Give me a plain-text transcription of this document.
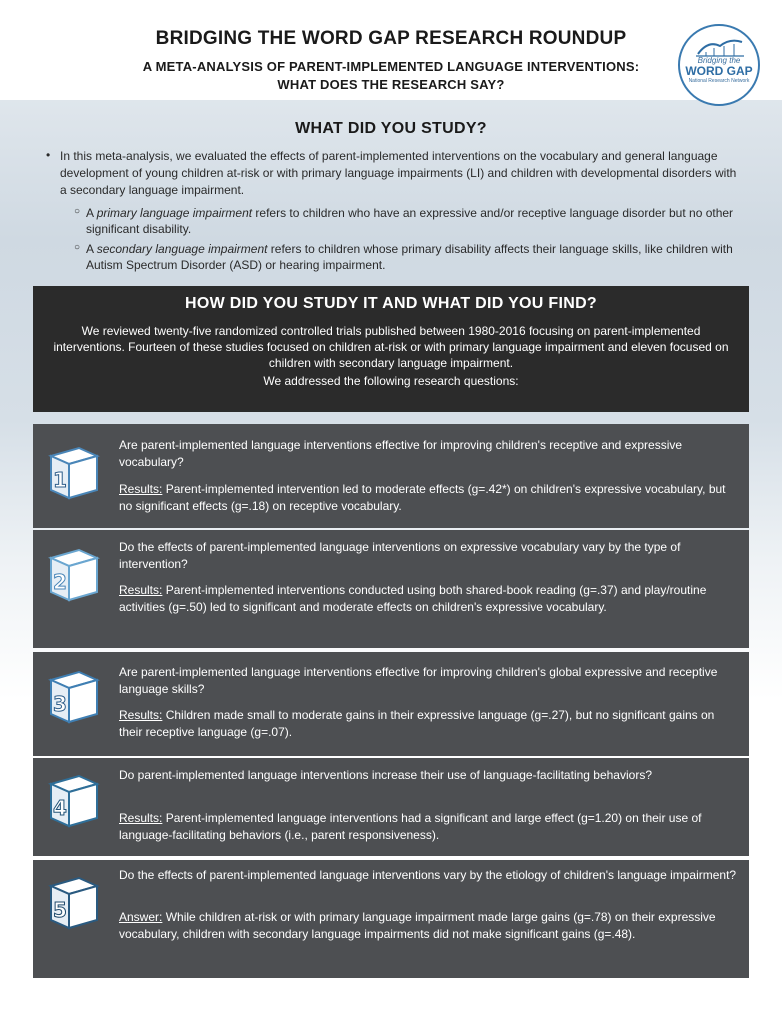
BRIDGING THE WORD GAP RESEARCH ROUNDUP
A META-ANALYSIS OF PARENT-IMPLEMENTED LANGUAGE INTERVENTIONS:
WHAT DOES THE RESEARCH SAY?
Bridging the
WORD GAP
National Research Network
WHAT DID YOU STUDY?
• In this meta-analysis, we evaluated the effects of parent-implemented interventions on the vocabulary and general language development of young children at-risk or with primary language impairments (LI) and children with developmental disorders with a secondary language impairment.
○ A primary language impairment refers to children who have an expressive and/or receptive language disorder but no other significant disability.
○ A secondary language impairment refers to children whose primary disability affects their language skills, like children with Autism Spectrum Disorder (ASD) or hearing impairment.
HOW DID YOU STUDY IT AND WHAT DID YOU FIND?
We reviewed twenty-five randomized controlled trials published between 1980-2016 focusing on parent-implemented interventions. Fourteen of these studies focused on children at-risk or with primary language impairment and eleven focused on children with secondary language impairment.
We addressed the following research questions:
1
Are parent-implemented language interventions effective for improving children's receptive and expressive vocabulary?
Results: Parent-implemented intervention led to moderate effects (g=.42*) on children's expressive vocabulary, but no significant effects (g=.18) on receptive vocabulary.
2
Do the effects of parent-implemented language interventions on expressive vocabulary vary by the type of intervention?
Results: Parent-implemented interventions conducted using both shared-book reading (g=.37) and play/routine activities (g=.50) led to significant and moderate effects on children's expressive vocabulary.
3
Are parent-implemented language interventions effective for improving children's global expressive and receptive language skills?
Results: Children made small to moderate gains in their expressive language (g=.27), but no significant gains on their receptive language (g=.07).
4
Do parent-implemented language interventions increase their use of language-facilitating behaviors?
Results: Parent-implemented language interventions had a significant and large effect (g=1.20) on their use of language-facilitating behaviors (i.e., parent responsiveness).
5
Do the effects of parent-implemented language interventions vary by the etiology of children's language impairment?
Answer: While children at-risk or with primary language impairment made large gains (g=.78) on their expressive vocabulary, children with secondary language impairments did not make significant gains (g=.48).
